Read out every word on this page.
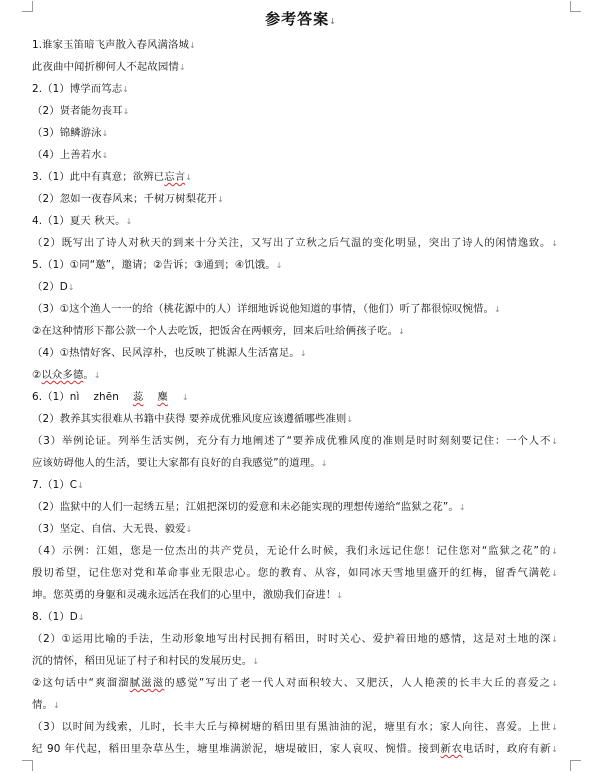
参考答案↓
1.谁家玉笛暗飞声散入春风满洛城↓
此夜曲中闻折柳何人不起故园情↓
2.（1）博学而笃志↓
（2）贤者能勿丧耳↓
（3）锦鳞游泳↓
（4）上善若水↓
3.（1）此中有真意；欲辨已忘言↓
（2）忽如一夜春风来；千树万树梨花开↓
4.（1）夏天 秋天。↓
（2）既写出了诗人对秋天的到来十分关注，又写出了立秋之后气温的变化明显，突出了诗人的闲情逸致。↓
5.（1）①同“邀”，邀请；②告诉；③通到；④饥饿。↓
（2）D↓
（3）①这个渔人一一的给（桃花源中的人）详细地诉说他知道的事情，（他们）听了都很惊叹惋惜。↓
②在这种情形下都公款一个人去吃饭，把饭舍在两顿旁，回来后吐给俩孩子吃。↓
（4）①热情好客、民风淳朴，也反映了桃源人生活富足。↓
②以众多德。↓
6.（1）nì zhēn 蕊 麋 ↓
（2）教养其实很难从书籍中获得 要养成优雅风度应该遵循哪些准则↓
（3）举例论证。列举生活实例，充分有力地阐述了“要养成优雅风度的准则是时时刻刻要记住：一个人不↓
应该妨碍他人的生活，要让大家都有良好的自我感觉”的道理。↓
7.（1）C↓
（2）监狱中的人们一起绣五星；江姐把深切的爱意和未必能实现的理想传递给“监狱之花”。↓
（3）坚定、自信、大无畏、毅爱↓
（4）示例：江姐，您是一位杰出的共产党员，无论什么时候，我们永远记住您！记住您对“监狱之花”的↓
殷切希望，记住您对党和革命事业无限忠心。您的教育、从容，如同冰天雪地里盛开的红梅，留香气满乾↓
坤。您英勇的身躯和灵魂永远活在我们的心里中，激励我们奋进！↓
8.（1）D↓
（2）①运用比喻的手法，生动形象地写出村民拥有稻田，时时关心、爱护着田地的感情，这是对土地的深↓
沉的情怀，稻田见证了村子和村民的发展历史。↓
②这句话中“爽溜溜腻滋滋的感觉”写出了老一代人对面积较大、又肥沃，人人艳羡的长丰大丘的喜爱之↓
情。↓
（3）以时间为线索，儿时，长丰大丘与樟树塘的稻田里有黑油油的泥，塘里有水；家人向往、喜爱。上世↓
纪 90 年代起，稻田里杂草丛生，塘里堆满淤泥，塘堤破旧，家人哀叹、惋惜。接到新农电话时，政府有新↓
